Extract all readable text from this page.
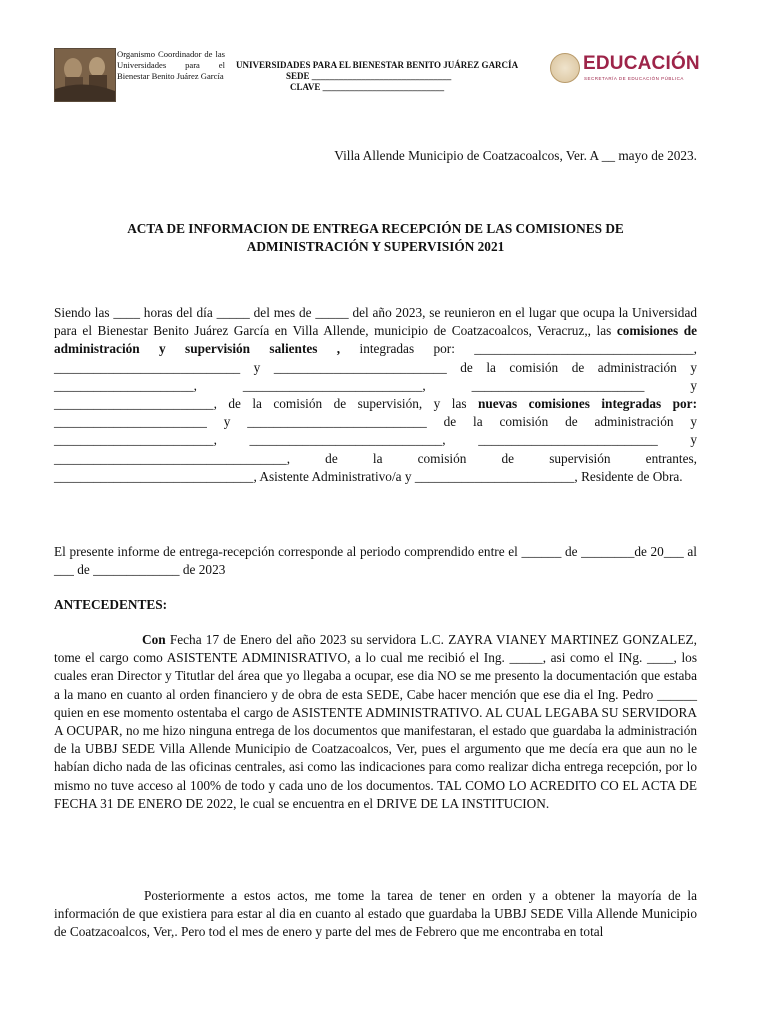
Organismo Coordinador de las Universidades para el Bienestar Benito Juárez García
UNIVERSIDADES PARA EL BIENESTAR BENITO JUÁREZ GARCÍA
SEDE _______________________________
CLAVE ___________________________
EDUCACIÓN
SECRETARÍA DE EDUCACIÓN PÚBLICA
Villa Allende Municipio de Coatzacoalcos, Ver. A __ mayo de 2023.
ACTA DE INFORMACION DE ENTREGA RECEPCIÓN DE LAS COMISIONES DE
ADMINISTRACIÓN Y SUPERVISIÓN 2021
Siendo las ____ horas del día _____ del mes de _____ del año 2023, se reunieron en el lugar que ocupa la Universidad para el Bienestar Benito Juárez García en Villa Allende, municipio de Coatzacoalcos, Veracruz,, las comisiones de administración y supervisión salientes , integradas por: _________________________________, ____________________________ y __________________________ de la comisión de administración y _____________________, ___________________________, __________________________ y ________________________, de la comisión de supervisión, y las nuevas comisiones integradas por: _______________________ y ___________________________ de la comisión de administración y ________________________, _____________________________, ___________________________ y ___________________________________, de la comisión de supervisión entrantes, ______________________________, Asistente Administrativo/a y ________________________, Residente de Obra.
El presente informe de entrega-recepción corresponde al periodo comprendido entre el ______ de ________de 20___ al ___ de _____________ de 2023
ANTECEDENTES:
Con Fecha 17 de Enero del año 2023 su servidora L.C. ZAYRA VIANEY MARTINEZ GONZALEZ, tome el cargo como ASISTENTE ADMINISRATIVO, a lo cual me recibió el Ing. _____, asi como el INg. ____, los cuales eran Director y Titutlar del área que yo llegaba a ocupar, ese dia NO se me presento la documentación que estaba a la mano en cuanto al orden financiero y de obra de esta SEDE, Cabe hacer mención que ese dia el Ing. Pedro ______ quien en ese momento ostentaba el cargo de ASISTENTE ADMINISTRATIVO. AL CUAL LEGABA SU SERVIDORA A OCUPAR, no me hizo ninguna entrega de los documentos que manifestaran, el estado que guardaba la administración de la UBBJ SEDE Villa Allende Municipio de Coatzacoalcos, Ver, pues el argumento que me decía era que aun no le habían dicho nada de las oficinas centrales, asi como las indicaciones para como realizar dicha entrega recepción, por lo mismo no tuve acceso al 100% de todo y cada uno de los documentos. TAL COMO LO ACREDITO CO EL ACTA DE FECHA 31 DE ENERO DE 2022, le cual se encuentra en el DRIVE DE LA INSTITUCION.
Posteriormente a estos actos, me tome la tarea de tener en orden y a obtener la mayoría de la información de que existiera para estar al dia en cuanto al estado que guardaba la UBBJ SEDE Villa Allende Municipio de Coatzacoalcos, Ver,. Pero tod el mes de enero y parte del mes de Febrero que me encontraba en total
